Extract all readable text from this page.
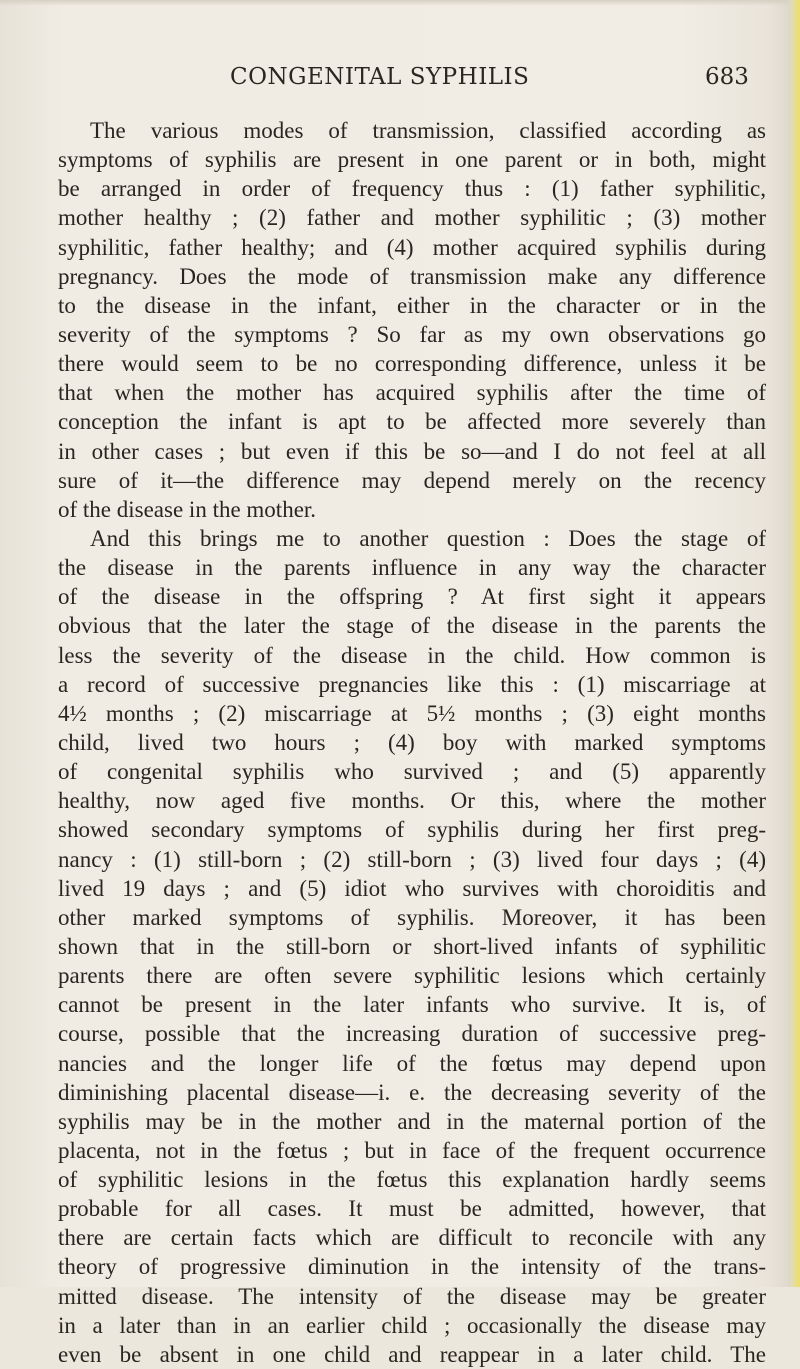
CONGENITAL SYPHILIS	683
The various modes of transmission, classified according as
symptoms of syphilis are present in one parent or in both, might
be arranged in order of frequency thus : (1) father syphilitic,
mother healthy ; (2) father and mother syphilitic ; (3) mother
syphilitic, father healthy; and (4) mother acquired syphilis during
pregnancy. Does the mode of transmission make any difference
to the disease in the infant, either in the character or in the
severity of the symptoms ? So far as my own observations go
there would seem to be no corresponding difference, unless it be
that when the mother has acquired syphilis after the time of
conception the infant is apt to be affected more severely than
in other cases ; but even if this be so—and I do not feel at all
sure of it—the difference may depend merely on the recency
of the disease in the mother.
And this brings me to another question : Does the stage of
the disease in the parents influence in any way the character
of the disease in the offspring ? At first sight it appears
obvious that the later the stage of the disease in the parents the
less the severity of the disease in the child. How common is
a record of successive pregnancies like this : (1) miscarriage at
4½ months ; (2) miscarriage at 5½ months ; (3) eight months
child, lived two hours ; (4) boy with marked symptoms
of congenital syphilis who survived ; and (5) apparently
healthy, now aged five months. Or this, where the mother
showed secondary symptoms of syphilis during her first preg-
nancy : (1) still-born ; (2) still-born ; (3) lived four days ; (4)
lived 19 days ; and (5) idiot who survives with choroiditis and
other marked symptoms of syphilis. Moreover, it has been
shown that in the still-born or short-lived infants of syphilitic
parents there are often severe syphilitic lesions which certainly
cannot be present in the later infants who survive. It is, of
course, possible that the increasing duration of successive preg-
nancies and the longer life of the fœtus may depend upon
diminishing placental disease—i. e. the decreasing severity of the
syphilis may be in the mother and in the maternal portion of the
placenta, not in the fœtus ; but in face of the frequent occurrence
of syphilitic lesions in the fœtus this explanation hardly seems
probable for all cases. It must be admitted, however, that
there are certain facts which are difficult to reconcile with any
theory of progressive diminution in the intensity of the trans-
mitted disease. The intensity of the disease may be greater
in a later than in an earlier child ; occasionally the disease may
even be absent in one child and reappear in a later child. The
